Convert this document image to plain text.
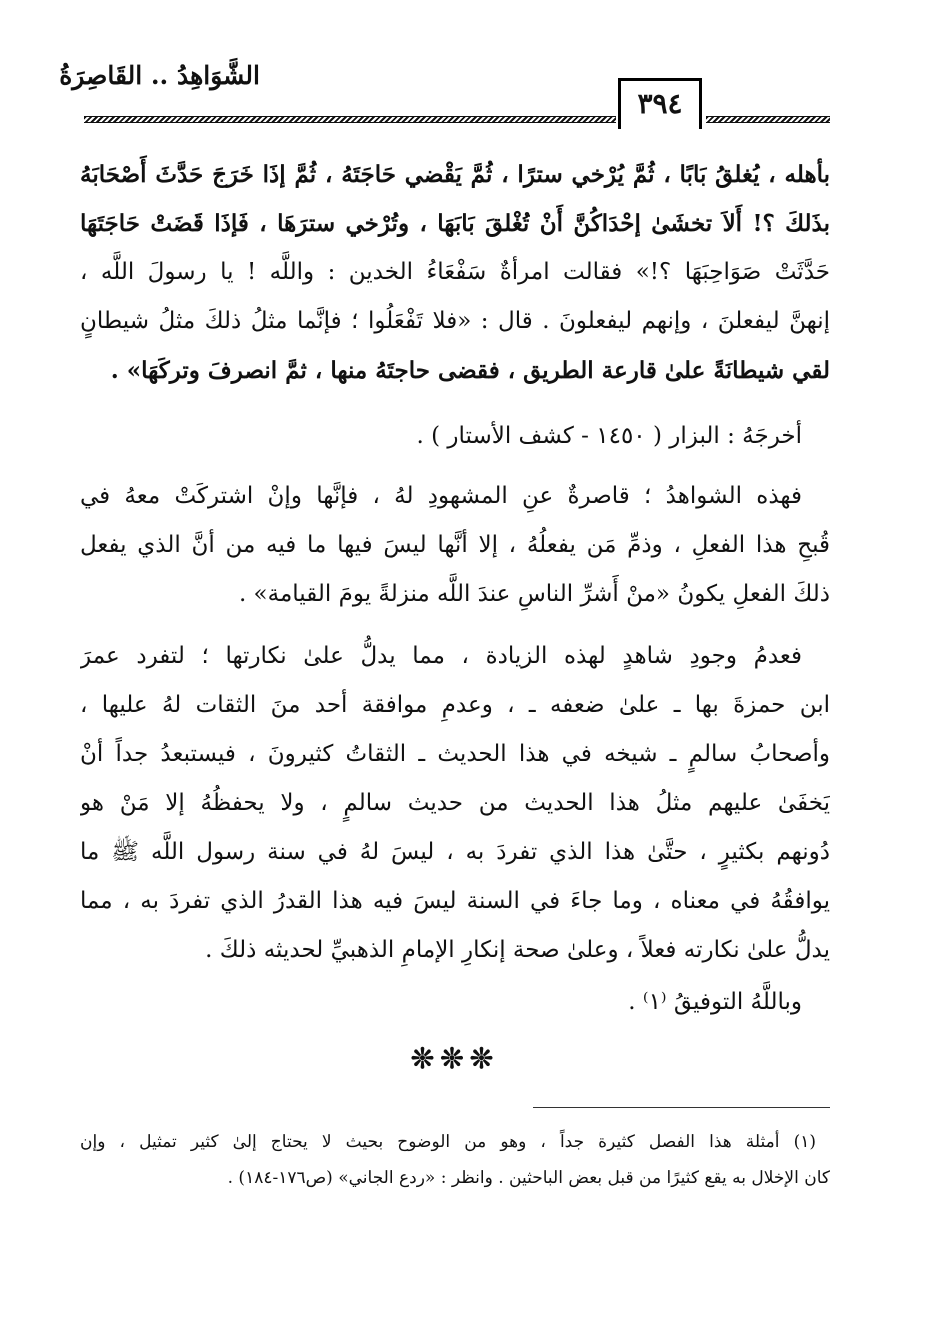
الشَّوَاهِدُ .. القَاصِرَةُ
٣٩٤
بأهله ، يُغلقُ بَابًا ، ثُمَّ يُرْخي سترًا ، ثُمَّ يَقْضي حَاجَتَهُ ، ثُمَّ إذَا خَرَجَ حَدَّثَ أَصْحَابَهُ
بذَلكَ ؟! أَلاَ تخشَىٰ إحْدَاكُنَّ أَنْ تُغْلقَ بَابَهَا ، وتُرْخي سترَهَا ، فَإذَا قَضَتْ حَاجَتَهَا
حَدَّثَتْ صَوَاحِبَهَا ؟!» فقالت امرأةٌ سَفْعَاءُ الخدين : واللَّه ! يا رسولَ اللَّه ،
إنهنَّ ليفعلنَ ، وإنهم ليفعلونَ . قال : «فلا تَفْعَلُوا ؛ فإنَّما مثلُ ذلكَ مثلُ شيطانٍ
لقي شيطانَةً علىٰ قارعة الطريق ، فقضى حاجتَهُ منها ، ثمَّ انصرفَ وتركَهَا» .
أخرجَهُ : البزار ( ١٤٥٠ - كشف الأستار ) .
فهذه الشواهدُ ؛ قاصرةٌ عنِ المشهودِ لهُ ، فإنَّها وإنْ اشتركَتْ معهُ في
قُبحِ هذا الفعلِ ، وذمِّ مَن يفعلُهُ ، إلا أنَّها ليسَ فيها ما فيه من أنَّ الذي يفعل
ذلكَ الفعلِ يكونُ «منْ أَشرِّ الناسِ عندَ اللَّه منزلةً يومَ القيامة» .
فعدمُ وجودِ شاهدٍ لهذه الزيادة ، مما يدلُّ علىٰ نكارتها ؛ لتفرد عمرَ
ابن حمزةَ بها ـ علىٰ ضعفه ـ ، وعدمِ موافقة أحد منَ الثقات لهُ عليها ،
وأصحابُ سالمٍ ـ شيخه في هذا الحديث ـ الثقاتُ كثيرونَ ، فيستبعدُ جداً أنْ
يَخفَىٰ عليهم مثلُ هذا الحديث من حديث سالمٍ ، ولا يحفظُهُ إلا مَنْ هو
دُونهم بكثيرٍ ، حتَّىٰ هذا الذي تفردَ به ، ليسَ لهُ في سنة رسول اللَّه ﷺ ما
يوافقُهُ في معناه ، وما جاءَ في السنة ليسَ فيه هذا القدرُ الذي تفردَ به ، مما
يدلُّ علىٰ نكارته فعلاً ، وعلىٰ صحة إنكارِ الإمامِ الذهبيِّ لحديثه ذلكَ .
وباللَّهُ التوفيقُ ⁽١⁾ .
❊❊❊
(١) أمثلة هذا الفصل كثيرة جداً ، وهو من الوضوح بحيث لا يحتاج إلىٰ كثير تمثيل ، وإن
كان الإخلال به يقع كثيرًا من قبل بعض الباحثين . وانظر : «ردع الجاني» (ص١٧٦-١٨٤) .
